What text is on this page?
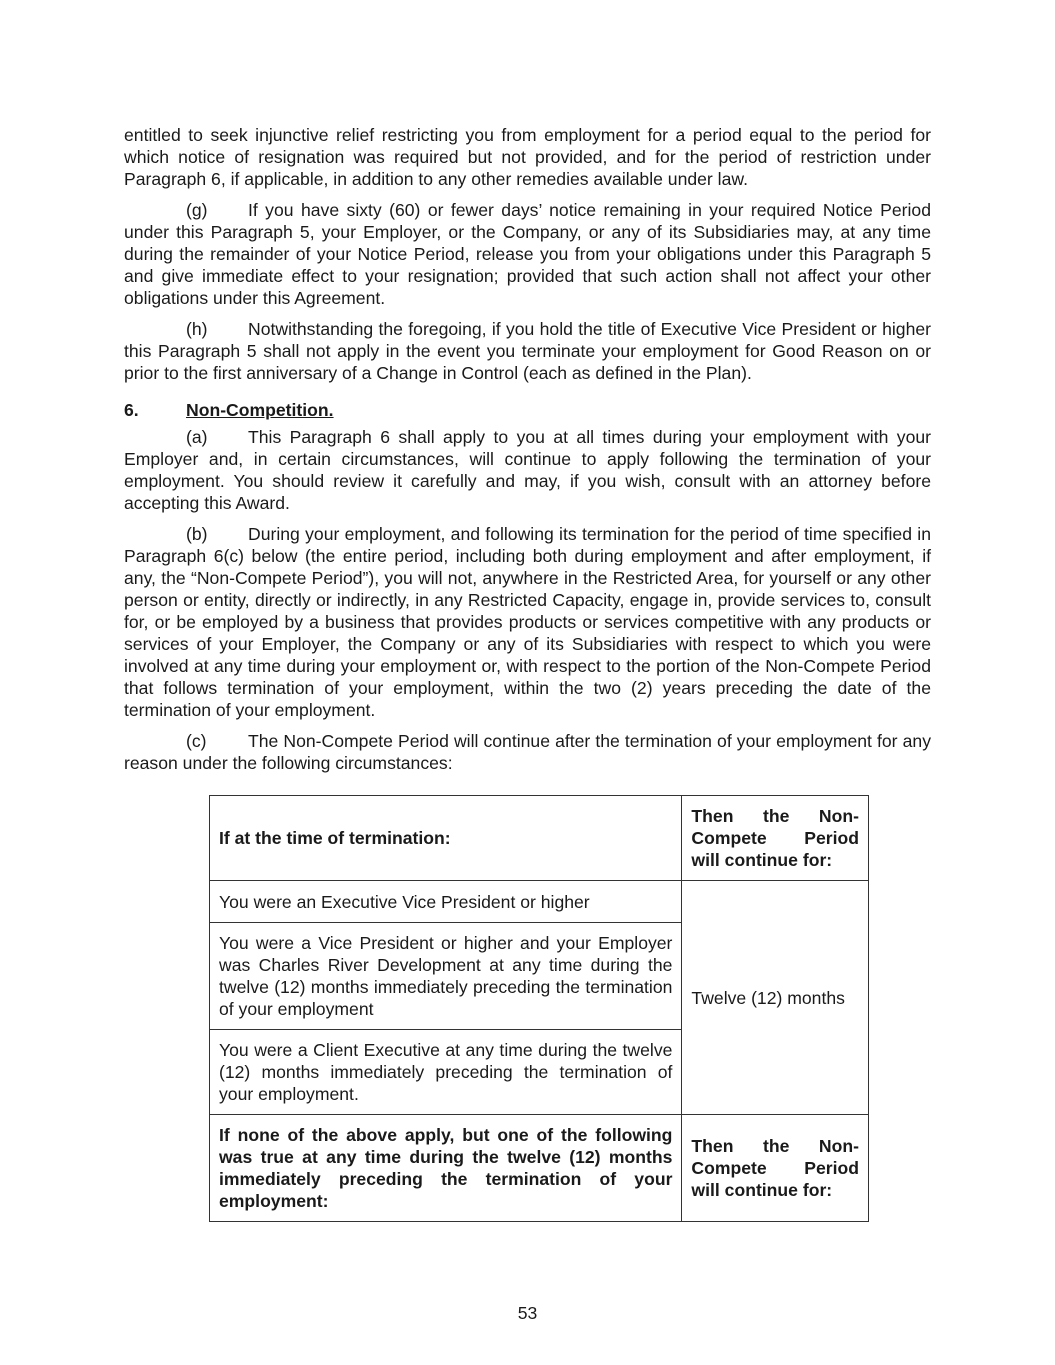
entitled to seek injunctive relief restricting you from employment for a period equal to the period for which notice of resignation was required but not provided, and for the period of restriction under Paragraph 6, if applicable, in addition to any other remedies available under law.

(g) If you have sixty (60) or fewer days’ notice remaining in your required Notice Period under this Paragraph 5, your Employer, or the Company, or any of its Subsidiaries may, at any time during the remainder of your Notice Period, release you from your obligations under this Paragraph 5 and give immediate effect to your resignation; provided that such action shall not affect your other obligations under this Agreement.

(h) Notwithstanding the foregoing, if you hold the title of Executive Vice President or higher this Paragraph 5 shall not apply in the event you terminate your employment for Good Reason on or prior to the first anniversary of a Change in Control (each as defined in the Plan).

6.	Non-Competition.

(a) This Paragraph 6 shall apply to you at all times during your employment with your Employer and, in certain circumstances, will continue to apply following the termination of your employment. You should review it carefully and may, if you wish, consult with an attorney before accepting this Award.

(b) During your employment, and following its termination for the period of time specified in Paragraph 6(c) below (the entire period, including both during employment and after employment, if any, the “Non-Compete Period”), you will not, anywhere in the Restricted Area, for yourself or any other person or entity, directly or indirectly, in any Restricted Capacity, engage in, provide services to, consult for, or be employed by a business that provides products or services competitive with any products or services of your Employer, the Company or any of its Subsidiaries with respect to which you were involved at any time during your employment or, with respect to the portion of the Non-Compete Period that follows termination of your employment, within the two (2) years preceding the date of the termination of your employment.

(c) The Non-Compete Period will continue after the termination of your employment for any reason under the following circumstances:

If at the time of termination:	Then the Non-Compete Period will continue for:
You were an Executive Vice President or higher	Twelve (12) months
You were a Vice President or higher and your Employer was Charles River Development at any time during the twelve (12) months immediately preceding the termination of your employment	
You were a Client Executive at any time during the twelve (12) months immediately preceding the termination of your employment.	
If none of the above apply, but one of the following was true at any time during the twelve (12) months immediately preceding the termination of your employment:	Then the Non-Compete Period will continue for:
53
